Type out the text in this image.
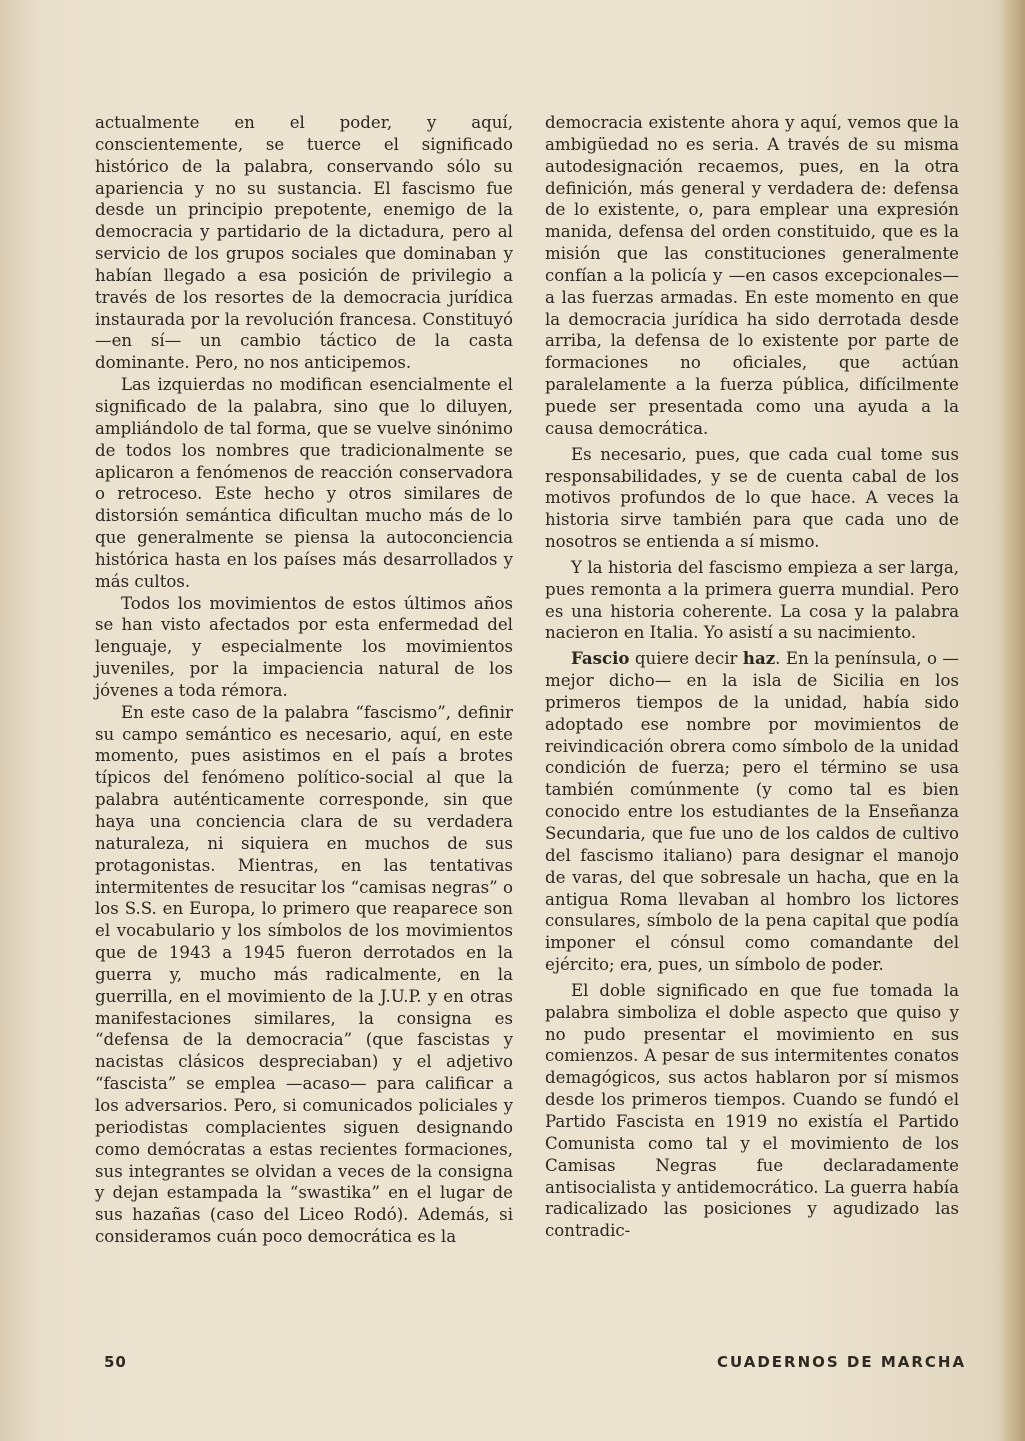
actualmente en el poder, y aquí, conscientemente, se tuerce el significado histórico de la palabra, conservando sólo su apariencia y no su sustancia. El fascismo fue desde un principio prepotente, enemigo de la democracia y partidario de la dictadura, pero al servicio de los grupos sociales que dominaban y habían llegado a esa posición de privilegio a través de los resortes de la democracia jurídica instaurada por la revolución francesa. Constituyó —en sí— un cambio táctico de la casta dominante. Pero, no nos anticipemos.

Las izquierdas no modifican esencialmente el significado de la palabra, sino que lo diluyen, ampliándolo de tal forma, que se vuelve sinónimo de todos los nombres que tradicionalmente se aplicaron a fenómenos de reacción conservadora o retroceso. Este hecho y otros similares de distorsión semántica dificultan mucho más de lo que generalmente se piensa la autoconciencia histórica hasta en los países más desarrollados y más cultos.

Todos los movimientos de estos últimos años se han visto afectados por esta enfermedad del lenguaje, y especialmente los movimientos juveniles, por la impaciencia natural de los jóvenes a toda rémora.

En este caso de la palabra “fascismo”, definir su campo semántico es necesario, aquí, en este momento, pues asistimos en el país a brotes típicos del fenómeno político-social al que la palabra auténticamente corresponde, sin que haya una conciencia clara de su verdadera naturaleza, ni siquiera en muchos de sus protagonistas. Mientras, en las tentativas intermitentes de resucitar los “camisas negras” o los S.S. en Europa, lo primero que reaparece son el vocabulario y los símbolos de los movimientos que de 1943 a 1945 fueron derrotados en la guerra y, mucho más radicalmente, en la guerrilla, en el movimiento de la J.U.P. y en otras manifestaciones similares, la consigna es “defensa de la democracia” (que fascistas y nacistas clásicos despreciaban) y el adjetivo “fascista” se emplea —acaso— para calificar a los adversarios. Pero, si comunicados policiales y periodistas complacientes siguen designando como demócratas a estas recientes formaciones, sus integrantes se olvidan a veces de la consigna y dejan estampada la “swastika” en el lugar de sus hazañas (caso del Liceo Rodó). Además, si consideramos cuán poco democrática es la

democracia existente ahora y aquí, vemos que la ambigüedad no es seria. A través de su misma autodesignación recaemos, pues, en la otra definición, más general y verdadera de: defensa de lo existente, o, para emplear una expresión manida, defensa del orden constituido, que es la misión que las constituciones generalmente confían a la policía y —en casos excepcionales— a las fuerzas armadas. En este momento en que la democracia jurídica ha sido derrotada desde arriba, la defensa de lo existente por parte de formaciones no oficiales, que actúan paralelamente a la fuerza pública, difícilmente puede ser presentada como una ayuda a la causa democrática.

Es necesario, pues, que cada cual tome sus responsabilidades, y se de cuenta cabal de los motivos profundos de lo que hace. A veces la historia sirve también para que cada uno de nosotros se entienda a sí mismo.

Y la historia del fascismo empieza a ser larga, pues remonta a la primera guerra mundial. Pero es una historia coherente. La cosa y la palabra nacieron en Italia. Yo asistí a su nacimiento.

Fascio quiere decir haz. En la península, o —mejor dicho— en la isla de Sicilia en los primeros tiempos de la unidad, había sido adoptado ese nombre por movimientos de reivindicación obrera como símbolo de la unidad condición de fuerza; pero el término se usa también comúnmente (y como tal es bien conocido entre los estudiantes de la Enseñanza Secundaria, que fue uno de los caldos de cultivo del fascismo italiano) para designar el manojo de varas, del que sobresale un hacha, que en la antigua Roma llevaban al hombro los lictores consulares, símbolo de la pena capital que podía imponer el cónsul como comandante del ejército; era, pues, un símbolo de poder.

El doble significado en que fue tomada la palabra simboliza el doble aspecto que quiso y no pudo presentar el movimiento en sus comienzos. A pesar de sus intermitentes conatos demagógicos, sus actos hablaron por sí mismos desde los primeros tiempos. Cuando se fundó el Partido Fascista en 1919 no existía el Partido Comunista como tal y el movimiento de los Camisas Negras fue declaradamente antisocialista y antidemocrático. La guerra había radicalizado las posiciones y agudizado las contradic-

50	CUADERNOS DE MARCHA
